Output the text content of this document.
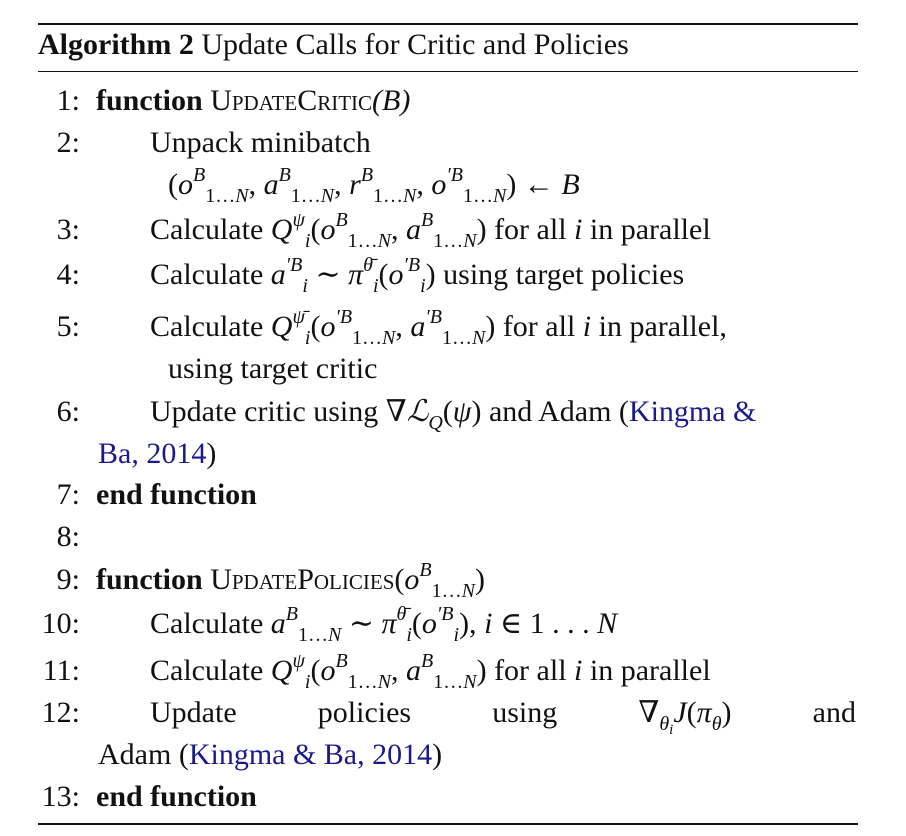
Algorithm 2 Update Calls for Critic and Policies
1 : function UpdateCritic(B)
2 :	Unpack minibatch
($o^B_{1\dots N}$, $a^B_{1\dots N}$, $r^B_{1\dots N}$, $o^{'B}_{1\dots N}$) ← B
3 :	Calculate $Q^\psi_i(o^B_{1\dots N}$, $a^B_{1\dots N}$) for all i in parallel
4 :	Calculate $a^{'B}_i$ ∼ $\pi^{\thetā}_i(o^{'B}_i)$ using target policies
5 :	Calculate $Q^{\psī}_i(o^{'B}_{1\dots N}$, $a^{'B}_{1\dots N}$) for all i in parallel,
using target critic
6 :	Update critic using ∇ℒ$_Q$(ψ) and Adam (Kingma &
Ba, 2014)
7 : end function
8 :
9 : function $UpdatePolicies(o^B_{1\dots N})$
10 :	Calculate $a^B_{1\dots N}$ ∼ $\pi^{\thetā}_i(o^{'B}_i)$, i ∈ 1 . . . N
11 :	Calculate $Q^\psi_i(o^B_{1\dots N}$, $a^B_{1\dots N}$) for all i in parallel
12 :	Update	policies	using	$\nabla_{\theta_i}J(\pi_\theta)$	and
Adam (Kingma & Ba, 2014)
13 : end function
